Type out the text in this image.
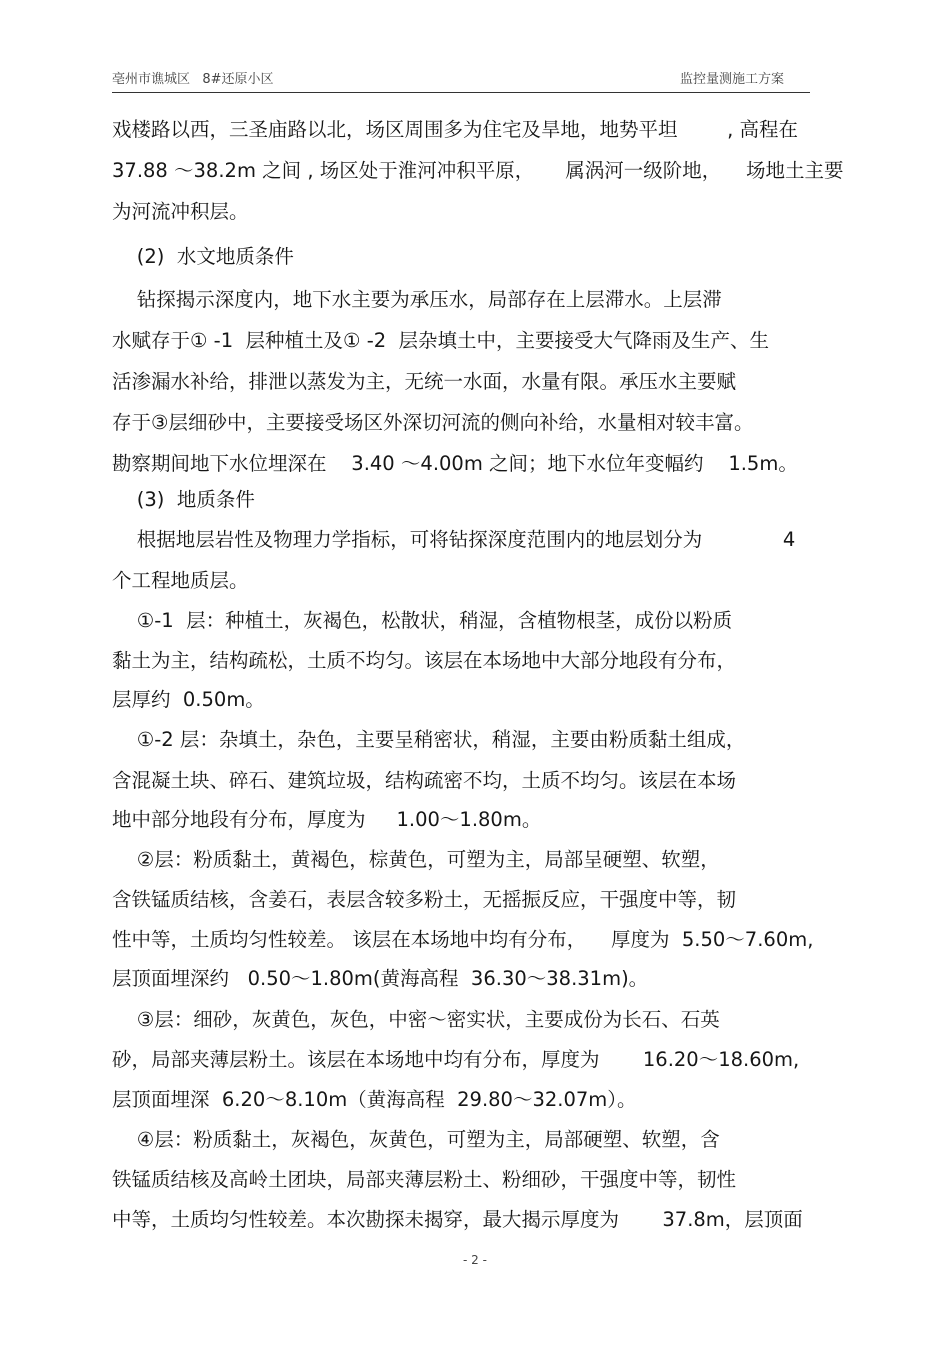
亳州市谯城区   8#还原小区	监控量测施工方案
戏楼路以西，三圣庙路以北，场区周围多为住宅及旱地，地势平坦        , 高程在
37.88 ～38.2m 之间 , 场区处于淮河冲积平原，     属涡河一级阶地，    场地土主要
为河流冲积层。
(2)  水文地质条件
钻探揭示深度内，地下水主要为承压水，局部存在上层滞水。上层滞
水赋存于① -1  层种植土及① -2  层杂填土中，主要接受大气降雨及生产、生
活渗漏水补给，排泄以蒸发为主，无统一水面，水量有限。承压水主要赋
存于③层细砂中，主要接受场区外深切河流的侧向补给，水量相对较丰富。
勘察期间地下水位埋深在    3.40 ～4.00m 之间；地下水位年变幅约    1.5m。
(3)  地质条件
根据地层岩性及物理力学指标，可将钻探深度范围内的地层划分为             4
个工程地质层。
①-1  层：种植土，灰褐色，松散状，稍湿，含植物根茎，成份以粉质
黏土为主，结构疏松，土质不均匀。该层在本场地中大部分地段有分布，
层厚约  0.50m。
①-2 层：杂填土，杂色，主要呈稍密状，稍湿，主要由粉质黏土组成，
含混凝土块、碎石、建筑垃圾，结构疏密不均，土质不均匀。该层在本场
地中部分地段有分布，厚度为     1.00～1.80m。
②层：粉质黏土，黄褐色，棕黄色，可塑为主，局部呈硬塑、软塑，
含铁锰质结核，含姜石，表层含较多粉土，无摇振反应，干强度中等，韧
性中等，土质均匀性较差。 该层在本场地中均有分布，    厚度为  5.50～7.60m,
层顶面埋深约   0.50～1.80m(黄海高程  36.30～38.31m)。
③层：细砂，灰黄色，灰色，中密～密实状，主要成份为长石、石英
砂，局部夹薄层粉土。该层在本场地中均有分布，厚度为       16.20～18.60m,
层顶面埋深  6.20～8.10m（黄海高程  29.80～32.07m）。
④层：粉质黏土，灰褐色，灰黄色，可塑为主，局部硬塑、软塑，含
铁锰质结核及高岭土团块，局部夹薄层粉土、粉细砂，干强度中等，韧性
中等，土质均匀性较差。本次勘探未揭穿，最大揭示厚度为       37.8m，层顶面
- 2 -
